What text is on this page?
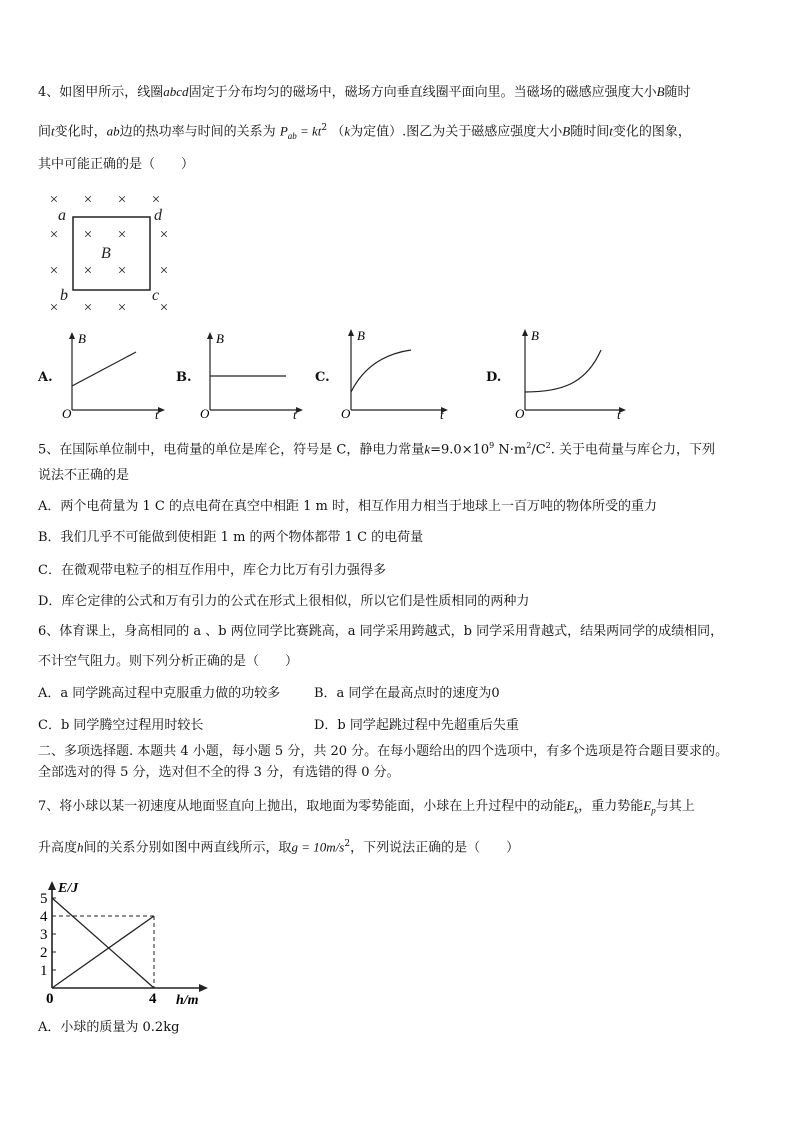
4、如图甲所示，线圈abcd固定于分布均匀的磁场中，磁场方向垂直线圈平面向里。当磁场的磁感应强度大小B随时
间t变化时，ab边的热功率与时间的关系为 $P_{ab} = kt^2$ （k为定值）.图乙为关于磁感应强度大小B随时间t变化的图象，
其中可能正确的是（　　）
× × × ×
× × × ×
× × × ×
× × × ×
a	d
b	c
B
A.
B
O	t
B.
B
O	t
C.
B
O	t
D.
B
O	t
5、在国际单位制中，电荷量的单位是库仑，符号是 C，静电力常量$k=9.0\times 10^9$ $N\cdot m^2/C^2$. 关于电荷量与库仑力，下列
说法不正确的是
A．两个电荷量为 1 C 的点电荷在真空中相距 1 m 时，相互作用力相当于地球上一百万吨的物体所受的重力
B．我们几乎不可能做到使相距 1 m 的两个物体都带 1 C 的电荷量
C．在微观带电粒子的相互作用中，库仑力比万有引力强得多
D．库仑定律的公式和万有引力的公式在形式上很相似，所以它们是性质相同的两种力
6、体育课上，身高相同的 a 、b 两位同学比赛跳高，a 同学采用跨越式，b 同学采用背越式，结果两同学的成绩相同，
不计空气阻力。则下列分析正确的是（　　）
A．a 同学跳高过程中克服重力做的功较多	B．a 同学在最高点时的速度为0
C．b 同学腾空过程用时较长	D．b 同学起跳过程中先超重后失重
二、多项选择题. 本题共 4 小题，每小题 5 分，共 20 分。在每小题给出的四个选项中，有多个选项是符合题目要求的。
全部选对的得 5 分，选对但不全的得 3 分，有选错的得 0 分。
7、将小球以某一初速度从地面竖直向上抛出，取地面为零势能面，小球在上升过程中的动能$E_k$，重力势能$E_p$与其上
升高度h间的关系分别如图中两直线所示，取$g = 10m/s^2$，下列说法正确的是（　　）
1
2
3
4
5
4
E/J
h/m
0
A．小球的质量为 0.2kg
